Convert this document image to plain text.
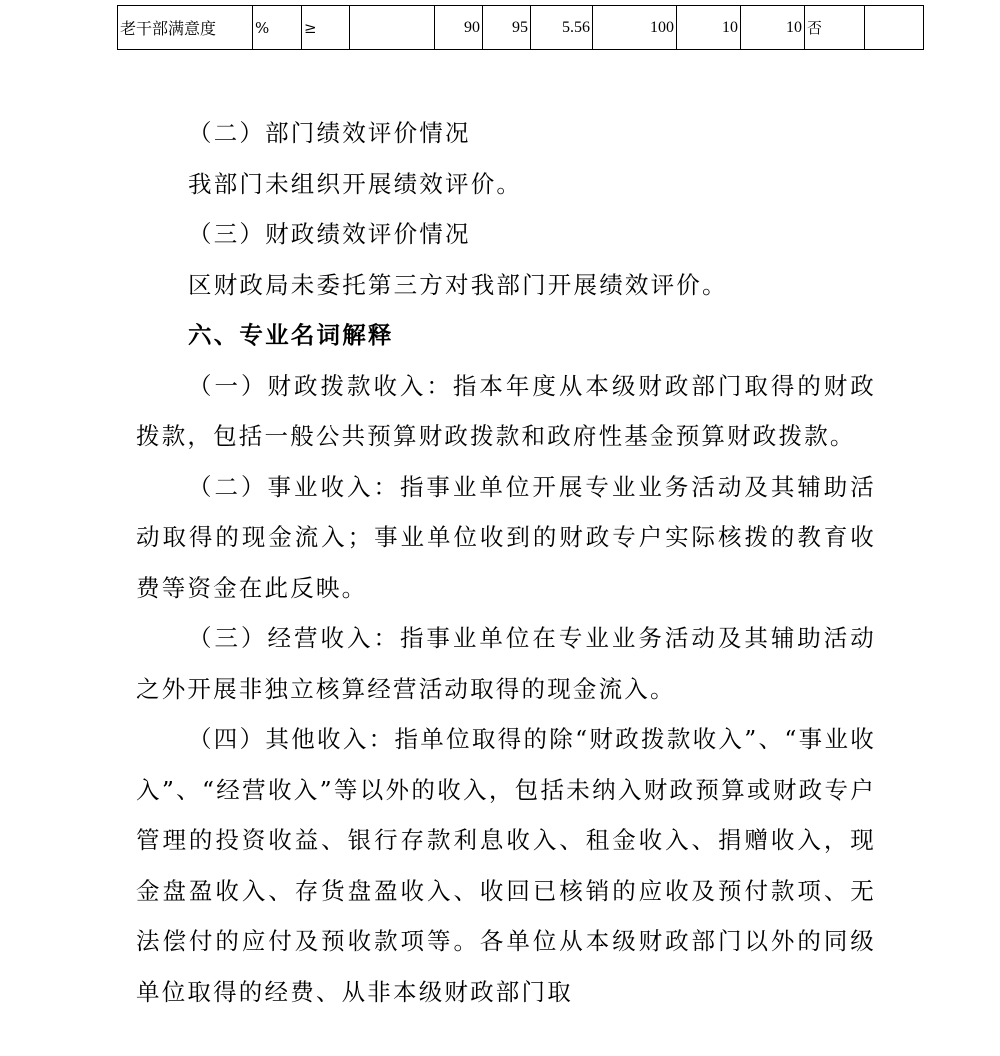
老干部满意度	%	≥		90	95	5.56	100	10	10	否	

（二）部门绩效评价情况

我部门未组织开展绩效评价。

（三）财政绩效评价情况

区财政局未委托第三方对我部门开展绩效评价。

六、专业名词解释

（一）财政拨款收入：指本年度从本级财政部门取得的财政拨款，包括一般公共预算财政拨款和政府性基金预算财政拨款。

（二）事业收入：指事业单位开展专业业务活动及其辅助活动取得的现金流入；事业单位收到的财政专户实际核拨的教育收费等资金在此反映。

（三）经营收入：指事业单位在专业业务活动及其辅助活动之外开展非独立核算经营活动取得的现金流入。

（四）其他收入：指单位取得的除“财政拨款收入”、“事业收入”、“经营收入”等以外的收入，包括未纳入财政预算或财政专户管理的投资收益、银行存款利息收入、租金收入、捐赠收入，现金盘盈收入、存货盘盈收入、收回已核销的应收及预付款项、无法偿付的应付及预收款项等。各单位从本级财政部门以外的同级单位取得的经费、从非本级财政部门取
